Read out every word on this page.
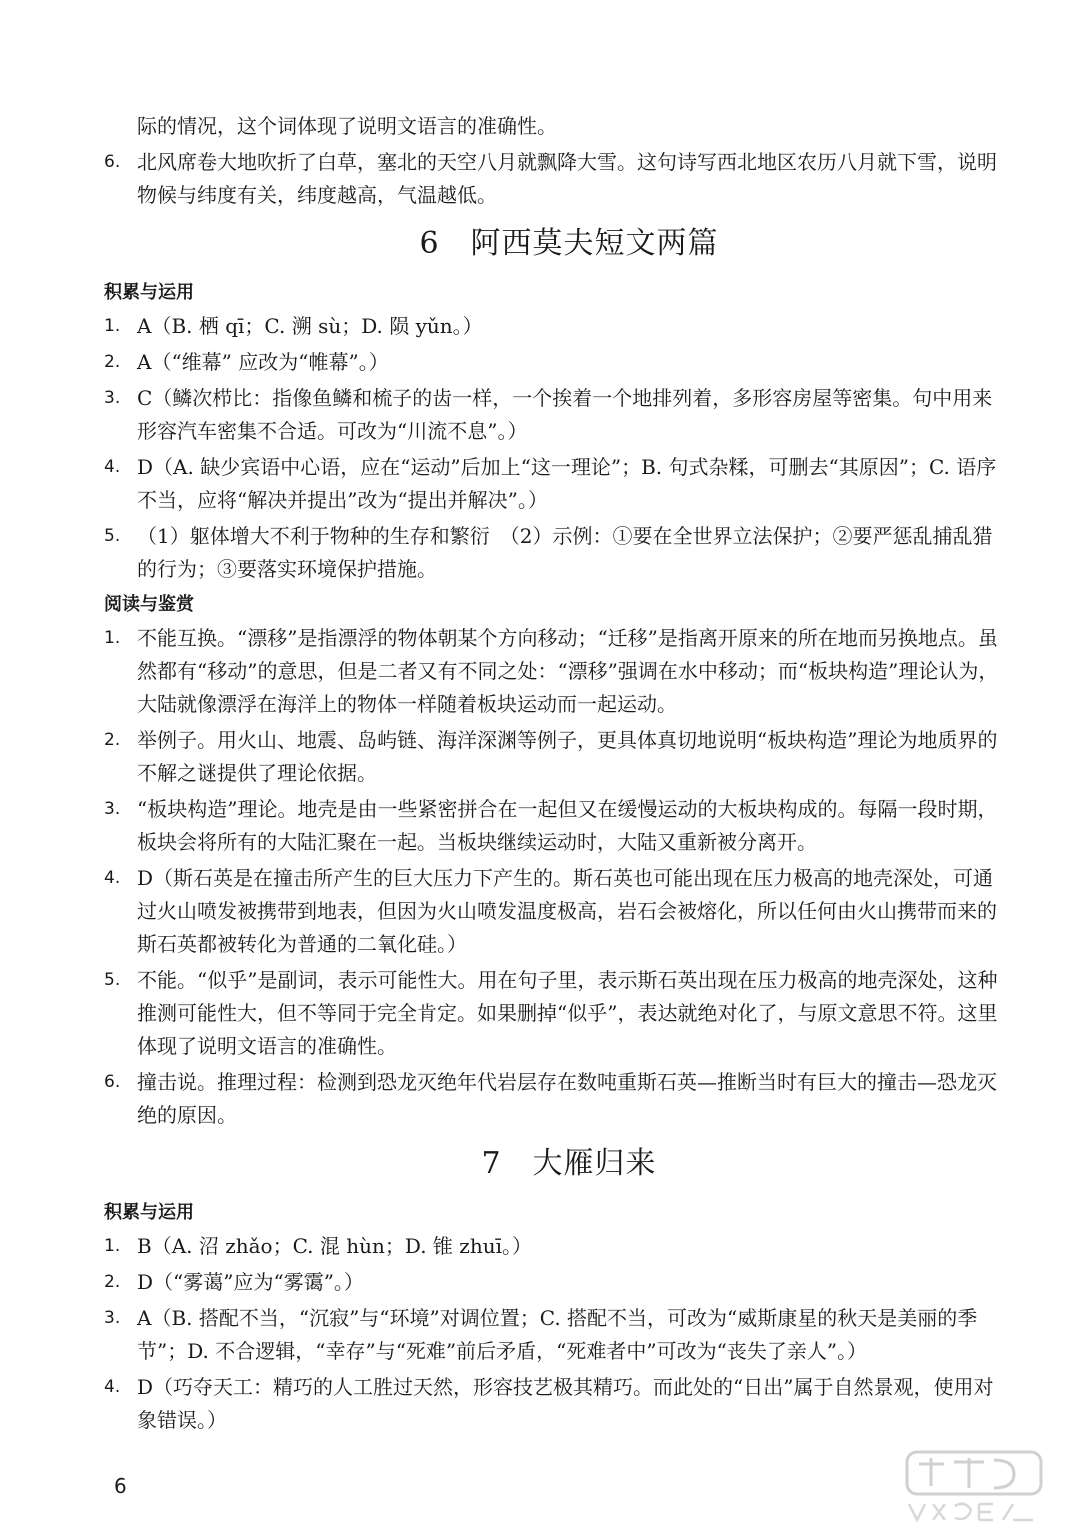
际的情况，这个词体现了说明文语言的准确性。

6. 北风席卷大地吹折了白草，塞北的天空八月就飘降大雪。这句诗写西北地区农历八月就下雪，说明物候与纬度有关，纬度越高，气温越低。
6　阿西莫夫短文两篇
积累与运用
1. A（B. 栖 qī；C. 溯 sù；D. 陨 yǔn。）
2. A（“维幕” 应改为“帷幕”。）
3. C（鳞次栉比：指像鱼鳞和梳子的齿一样，一个挨着一个地排列着，多形容房屋等密集。句中用来形容汽车密集不合适。可改为“川流不息”。）
4. D（A. 缺少宾语中心语，应在“运动”后加上“这一理论”；B. 句式杂糅，可删去“其原因”；C. 语序不当，应将“解决并提出”改为“提出并解决”。）
5. （1）躯体增大不利于物种的生存和繁衍　（2）示例：①要在全世界立法保护；②要严惩乱捕乱猎的行为；③要落实环境保护措施。
阅读与鉴赏
1. 不能互换。“漂移”是指漂浮的物体朝某个方向移动；“迁移”是指离开原来的所在地而另换地点。虽然都有“移动”的意思，但是二者又有不同之处：“漂移”强调在水中移动；而“板块构造”理论认为，大陆就像漂浮在海洋上的物体一样随着板块运动而一起运动。
2. 举例子。用火山、地震、岛屿链、海洋深渊等例子，更具体真切地说明“板块构造”理论为地质界的不解之谜提供了理论依据。
3. “板块构造”理论。地壳是由一些紧密拼合在一起但又在缓慢运动的大板块构成的。每隔一段时期，板块会将所有的大陆汇聚在一起。当板块继续运动时，大陆又重新被分离开。
4. D（斯石英是在撞击所产生的巨大压力下产生的。斯石英也可能出现在压力极高的地壳深处，可通过火山喷发被携带到地表，但因为火山喷发温度极高，岩石会被熔化，所以任何由火山携带而来的斯石英都被转化为普通的二氧化硅。）
5. 不能。“似乎”是副词，表示可能性大。用在句子里，表示斯石英出现在压力极高的地壳深处，这种推测可能性大，但不等同于完全肯定。如果删掉“似乎”，表达就绝对化了，与原文意思不符。这里体现了说明文语言的准确性。
6. 撞击说。推理过程：检测到恐龙灭绝年代岩层存在数吨重斯石英—推断当时有巨大的撞击—恐龙灭绝的原因。
7　大雁归来
积累与运用
1. B（A. 沼 zhǎo；C. 混 hùn；D. 锥 zhuī。）
2. D（“雾蔼”应为“雾霭”。）
3. A（B. 搭配不当，“沉寂”与“环境”对调位置；C. 搭配不当，可改为“威斯康星的秋天是美丽的季节”；D. 不合逻辑，“幸存”与“死难”前后矛盾，“死难者中”可改为“丧失了亲人”。）
4. D（巧夺天工：精巧的人工胜过天然，形容技艺极其精巧。而此处的“日出”属于自然景观，使用对象错误。）
6
